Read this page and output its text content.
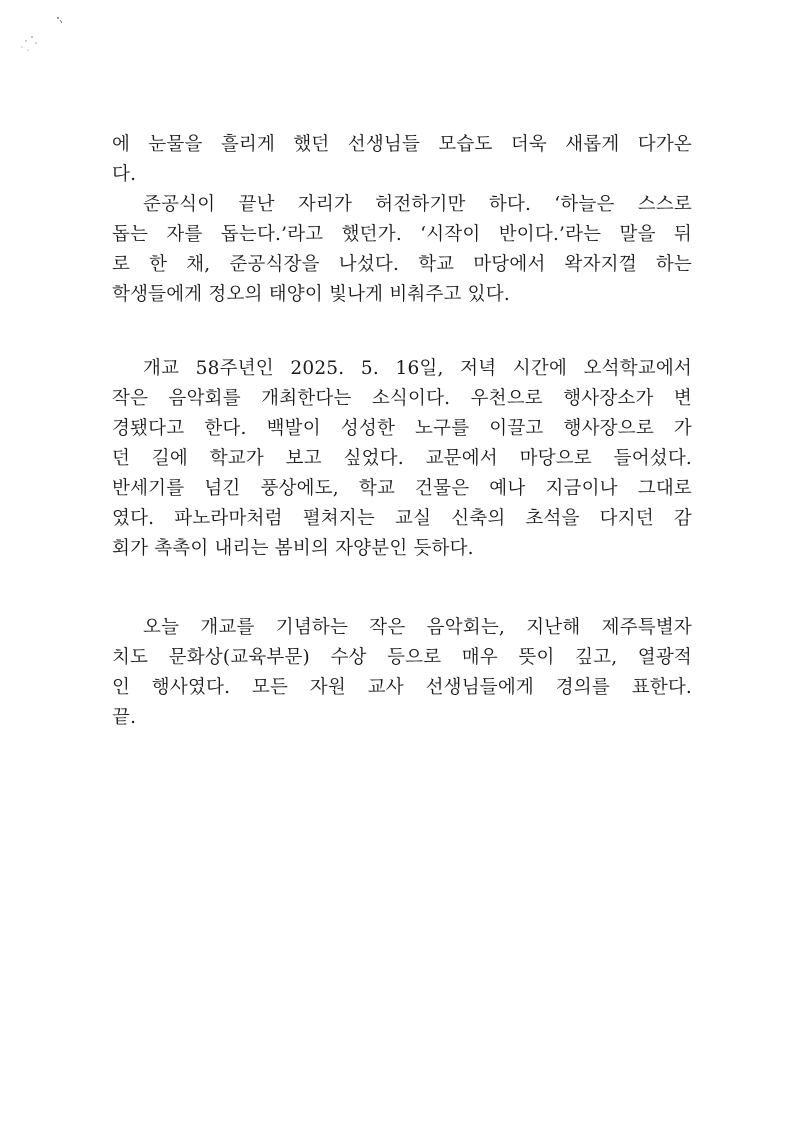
에 눈물을 흘리게 했던 선생님들 모습도 더욱 새롭게 다가온
다.
준공식이 끝난 자리가 허전하기만 하다. ‘하늘은 스스로
돕는 자를 돕는다.’라고 했던가. ‘시작이 반이다.’라는 말을 뒤
로 한 채, 준공식장을 나섰다. 학교 마당에서 왁자지껄 하는
학생들에게 정오의 태양이 빛나게 비춰주고 있다.
개교 58주년인 2025. 5. 16일, 저녁 시간에 오석학교에서
작은 음악회를 개최한다는 소식이다. 우천으로 행사장소가 변
경됐다고 한다. 백발이 성성한 노구를 이끌고 행사장으로 가
던 길에 학교가 보고 싶었다. 교문에서 마당으로 들어섰다.
반세기를 넘긴 풍상에도, 학교 건물은 예나 지금이나 그대로
였다. 파노라마처럼 펼쳐지는 교실 신축의 초석을 다지던 감
회가 촉촉이 내리는 봄비의 자양분인 듯하다.
오늘 개교를 기념하는 작은 음악회는, 지난해 제주특별자
치도 문화상(교육부문) 수상 등으로 매우 뜻이 깊고, 열광적
인 행사였다. 모든 자원 교사 선생님들에게 경의를 표한다.
끝.
